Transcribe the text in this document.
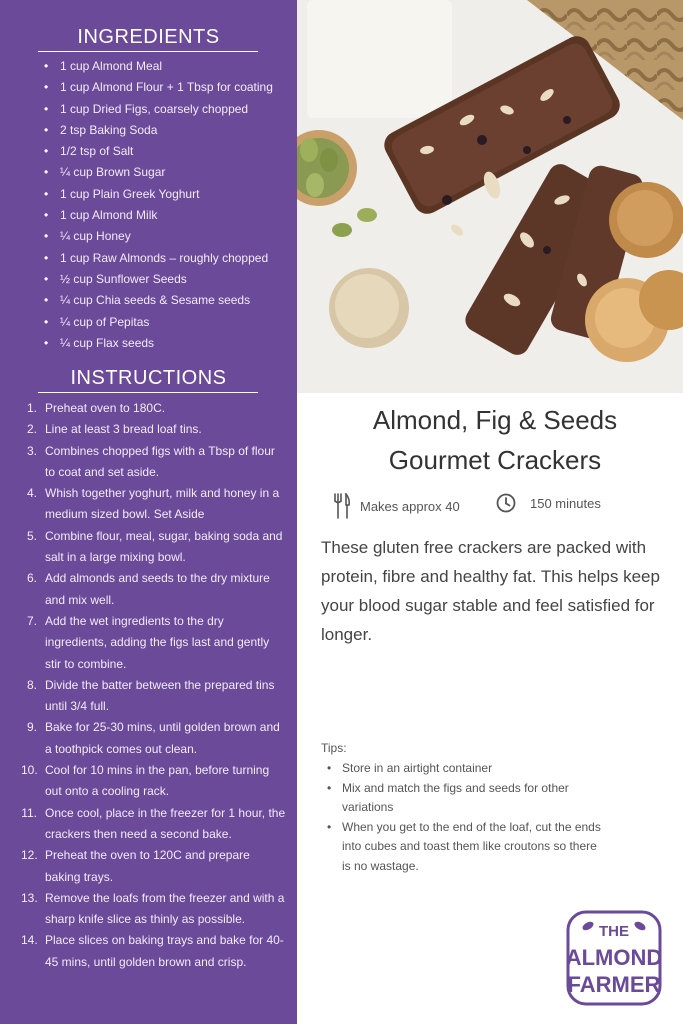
INGREDIENTS
• 1 cup Almond Meal
• 1 cup Almond Flour + 1 Tbsp for coating
• 1 cup Dried Figs, coarsely chopped
• 2 tsp Baking Soda
• 1/2 tsp of Salt
• ¼ cup Brown Sugar
• 1 cup Plain Greek Yoghurt
• 1 cup Almond Milk
• ¼ cup Honey
• 1 cup Raw Almonds – roughly chopped
• ½ cup Sunflower Seeds
• ¼ cup Chia seeds & Sesame seeds
• ¼ cup of Pepitas
• ¼ cup Flax seeds
INSTRUCTIONS
1. Preheat oven to 180C.
2. Line at least 3 bread loaf tins.
3. Combines chopped figs with a Tbsp of flour to coat and set aside.
4. Whish together yoghurt, milk and honey in a medium sized bowl. Set Aside
5. Combine flour, meal, sugar, baking soda and salt in a large mixing bowl.
6. Add almonds and seeds to the dry mixture and mix well.
7. Add the wet ingredients to the dry ingredients, adding the figs last and gently stir to combine.
8. Divide the batter between the prepared tins until 3/4 full.
9. Bake for 25-30 mins, until golden brown and a toothpick comes out clean.
10. Cool for 10 mins in the pan, before turning out onto a cooling rack.
11. Once cool, place in the freezer for 1 hour, the crackers then need a second bake.
12. Preheat the oven to 120C and prepare baking trays.
13. Remove the loafs from the freezer and with a sharp knife slice as thinly as possible.
14. Place slices on baking trays and bake for 40-45 mins, until golden brown and crisp.
Almond, Fig & Seeds
Gourmet Crackers
Makes approx 40	150 minutes
These gluten free crackers are packed with protein, fibre and healthy fat. This helps keep your blood sugar stable and feel satisfied for longer.
Tips:
• Store in an airtight container
• Mix and match the figs and seeds for other variations
• When you get to the end of the loaf, cut the ends into cubes and toast them like croutons so there is no wastage.
THE
ALMOND
FARMER
